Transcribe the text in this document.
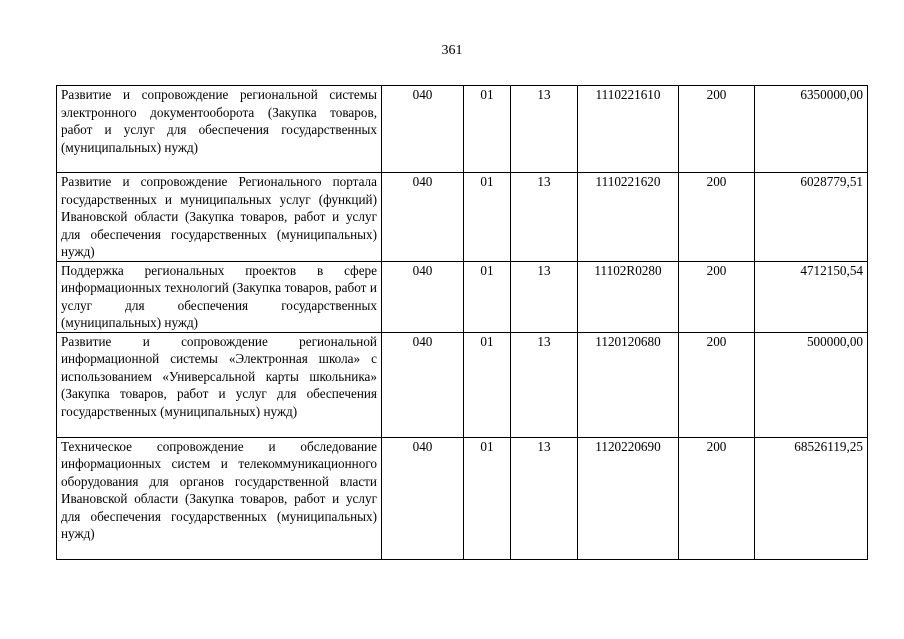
361
Развитие и сопровождение региональной системы электронного документооборота (Закупка товаров, работ и услуг для обеспечения государственных (муниципальных) нужд)	040	01	13	1110221610	200	6350000,00
Развитие и сопровождение Регионального портала государственных и муниципальных услуг (функций) Ивановской области (Закупка товаров, работ и услуг для обеспечения государственных (муниципальных) нужд)	040	01	13	1110221620	200	6028779,51
Поддержка региональных проектов в сфере информационных технологий (Закупка товаров, работ и услуг для обеспечения государственных (муниципальных) нужд)	040	01	13	11102R0280	200	4712150,54
Развитие и сопровождение региональной информационной системы «Электронная школа» с использованием «Универсальной карты школьника» (Закупка товаров, работ и услуг для обеспечения государственных (муниципальных) нужд)	040	01	13	1120120680	200	500000,00
Техническое сопровождение и обследование информационных систем и телекоммуникационного оборудования для органов государственной власти Ивановской области (Закупка товаров, работ и услуг для обеспечения государственных (муниципальных) нужд)	040	01	13	1120220690	200	68526119,25
